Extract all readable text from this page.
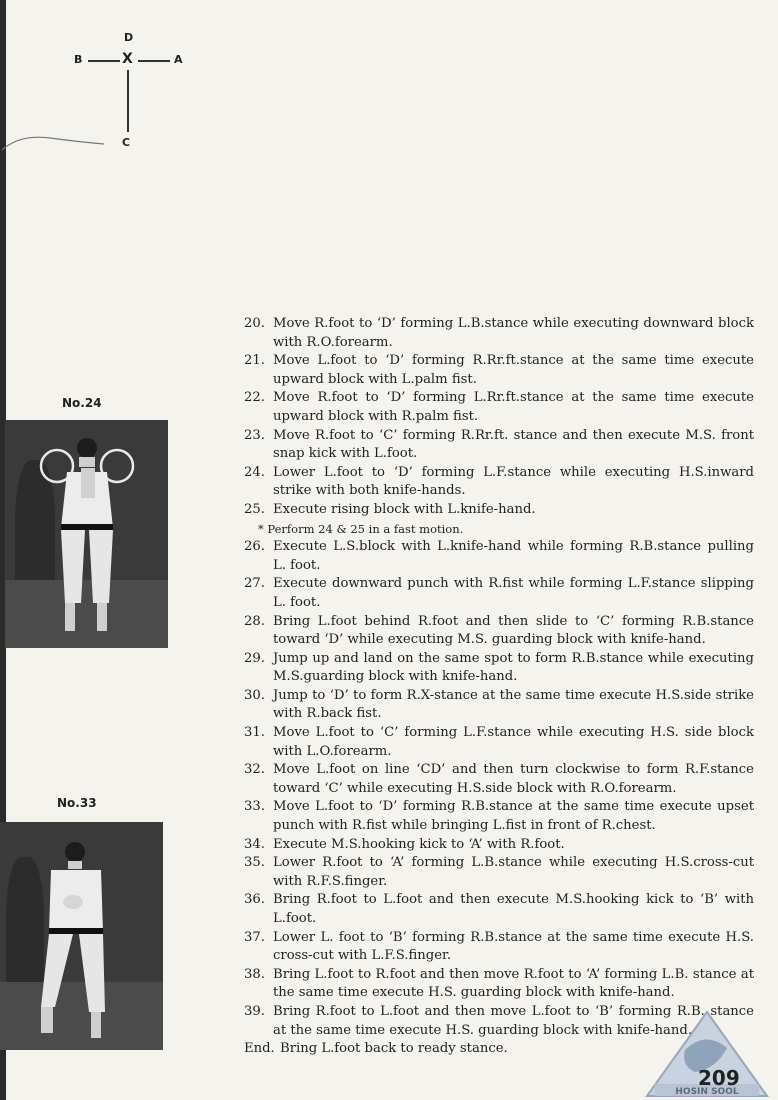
D
B	X	A
C
No.24
No.33
20. Move R.foot to ‘D’ forming L.B.stance while executing downward block with R.O.forearm.
21. Move L.foot to ‘D’ forming R.Rr.ft.stance at the same time execute upward block with L.palm fist.
22. Move R.foot to ‘D’ forming L.Rr.ft.stance at the same time execute upward block with R.palm fist.
23. Move R.foot to ‘C’ forming R.Rr.ft. stance and then execute M.S. front snap kick with L.foot.
24. Lower L.foot to ‘D’ forming L.F.stance while executing H.S.inward strike with both knife-hands.
25. Execute rising block with L.knife-hand.
* Perform 24 & 25 in a fast motion.
26. Execute L.S.block with L.knife-hand while forming R.B.stance pulling L. foot.
27. Execute downward punch with R.fist while forming L.F.stance slipping L. foot.
28. Bring L.foot behind R.foot and then slide to ‘C’ forming R.B.stance toward ‘D’ while executing M.S. guarding block with knife-hand.
29. Jump up and land on the same spot to form R.B.stance while executing M.S.guarding block with knife-hand.
30. Jump to ‘D’ to form R.X-stance at the same time execute H.S.side strike with R.back fist.
31. Move L.foot to ‘C’ forming L.F.stance while executing H.S. side block with L.O.forearm.
32. Move L.foot on line ‘CD’ and then turn clockwise to form R.F.stance toward ‘C’ while executing H.S.side block with R.O.forearm.
33. Move L.foot to ‘D’ forming R.B.stance at the same time execute upset punch with R.fist while bringing L.fist in front of R.chest.
34. Execute M.S.hooking kick to ‘A’ with R.foot.
35. Lower R.foot to ‘A’ forming L.B.stance while executing H.S.cross-cut with R.F.S.finger.
36. Bring R.foot to L.foot and then execute M.S.hooking kick to ‘B’ with L.foot.
37. Lower L. foot to ‘B’ forming R.B.stance at the same time execute H.S. cross-cut with L.F.S.finger.
38. Bring L.foot to R.foot and then move R.foot to ‘A’ forming L.B. stance at the same time execute H.S. guarding block with knife-hand.
39. Bring R.foot to L.foot and then move L.foot to ‘B’ forming R.B. stance at the same time execute H.S. guarding block with knife-hand.
End. Bring L.foot back to ready stance.
HOSIN SOOL
209
